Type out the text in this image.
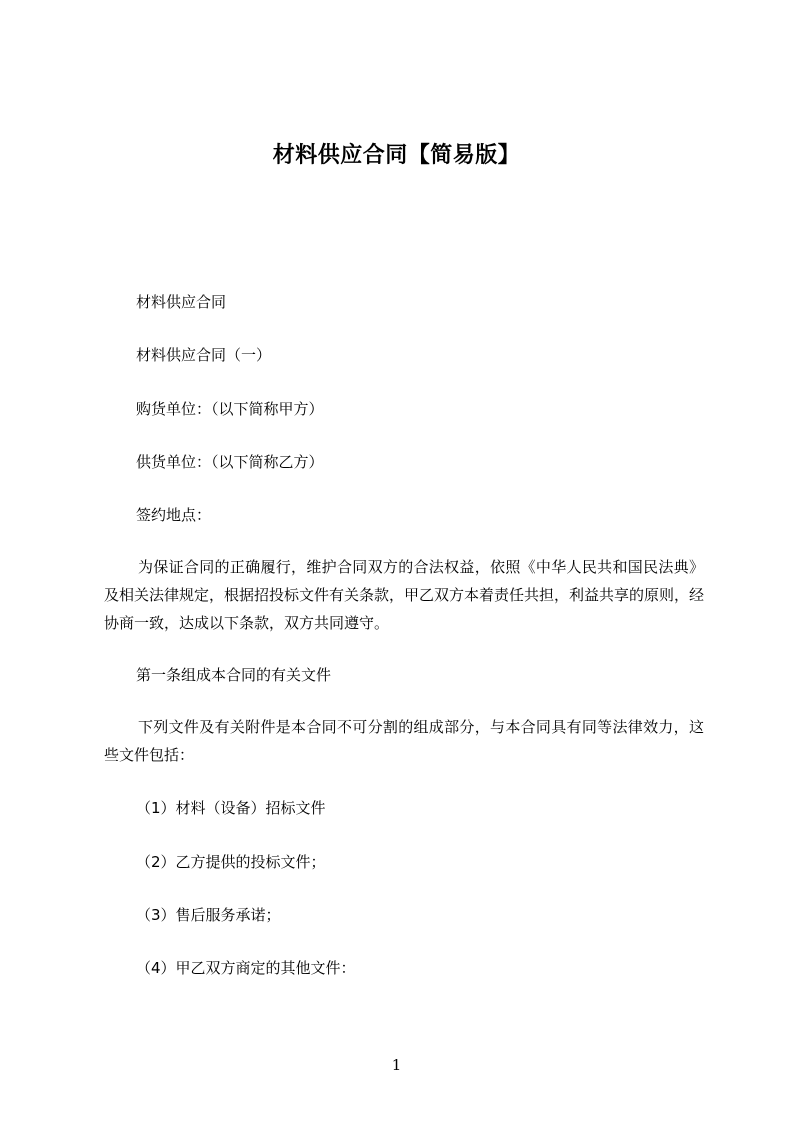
材料供应合同【简易版】
材料供应合同
材料供应合同（一）
购货单位：（以下简称甲方）
供货单位：（以下简称乙方）
签约地点：
为保证合同的正确履行，维护合同双方的合法权益，依照《中华人民共和国民法典》及相关法律规定，根据招投标文件有关条款，甲乙双方本着责任共担，利益共享的原则，经协商一致，达成以下条款，双方共同遵守。
第一条组成本合同的有关文件
下列文件及有关附件是本合同不可分割的组成部分，与本合同具有同等法律效力，这些文件包括：
（1）材料（设备）招标文件
（2）乙方提供的投标文件；
（3）售后服务承诺；
（4）甲乙双方商定的其他文件：
1
